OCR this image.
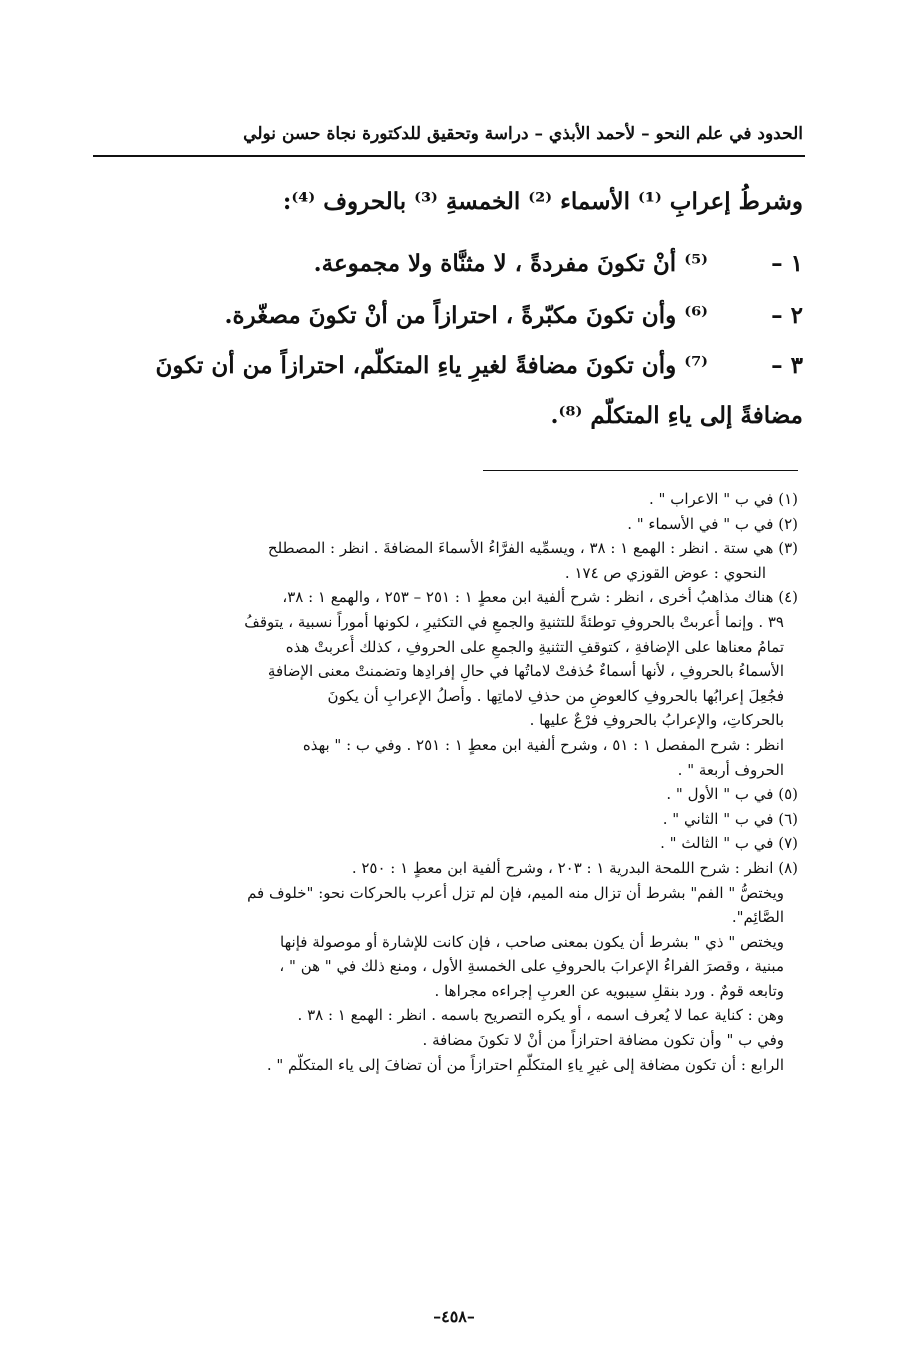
الحدود في علم النحو – لأحمد الأبذي – دراسة وتحقيق للدكتورة نجاة حسن نولي
وشرطُ إعرابِ ⁽¹⁾ الأسماء ⁽²⁾ الخمسةِ ⁽³⁾ بالحروف ⁽⁴⁾:
١ –
⁽⁵⁾ أنْ تكونَ مفردةً ، لا مثنَّاة ولا مجموعة.
٢ –
⁽⁶⁾ وأن تكونَ مكبّرةً ، احترازاً من أنْ تكونَ مصغّرة.
٣ –
⁽⁷⁾ وأن تكونَ مضافةً لغيرِ ياءِ المتكلّم، احترازاً من أن تكونَ
مضافةً إلى ياءِ المتكلّم ⁽⁸⁾.
(١) في ب " الاعراب " .
(٢) في ب " في الأسماء " .
(٣) هي ستة . انظر : الهمع ١ : ٣٨ ، ويسمِّيه الفرَّاءُ الأسماءَ المضافةَ . انظر : المصطلح
النحوي : عوض القوزي ص ١٧٤ .
(٤) هناك مذاهبُ أخرى ، انظر : شرح ألفية ابن معطٍ ١ : ٢٥١ – ٢٥٣ ، والهمع ١ : ٣٨،
٣٩ . وإنما أُعربتْ بالحروفِ توطئةً للتثنيةِ والجمعِ في التكثيرِ ، لكونها أموراً نسبية ، يتوقفُ
تمامُ معناها على الإضافةِ ، كتوقفِ التثنيةِ والجمعِ على الحروفِ ، كذلك أُعربتْ هذه
الأسماءُ بالحروفِ ، لأنها أسماءٌ حُذفتْ لاماتُها في حالِ إفرادِها وتضمنتْ معنى الإضافةِ
فجُعِلَ إعرابُها بالحروفِ كالعوضِ من حذفِ لاماتِها . وأصلُ الإعرابِ أن يكونَ
بالحركاتِ، والإعرابُ بالحروفِ فرْعٌ عليها .
انظر : شرح المفصل ١ : ٥١ ، وشرح ألفية ابن معطٍ ١ : ٢٥١ . وفي ب : " بهذه
الحروف أربعة " .
(٥) في ب " الأول " .
(٦) في ب " الثاني " .
(٧) في ب " الثالث " .
(٨) انظر : شرح اللمحة البدرية ١ : ٢٠٣ ، وشرح ألفية ابن معطٍ ١ : ٢٥٠ .
ويختصُّ " الفم" بشرط أن تزال منه الميم، فإن لم تزل أعرب بالحركات نحو: "خلوف فم
الصَّائِم".
ويختص " ذي " بشرط أن يكون بمعنى صاحب ، فإن كانت للإشارة أو موصولة فإنها
مبنية ، وقصرَ الفراءُ الإعرابَ بالحروفِ على الخمسةِ الأول ، ومنع ذلك في " هن " ،
وتابعه قومٌ . ورد بنقلِ سيبويه عن العربِ إجراءه مجراها .
وهن : كناية عما لا يُعرف اسمه ، أو يكره التصريح باسمه . انظر : الهمع ١ : ٣٨ .
وفي ب " وأن تكون مضافة احترازاً من أنْ لا تكونَ مضافة .
الرابع : أن تكون مضافة إلى غيرِ ياءِ المتكلّمِ احترازاً من أن تضافَ إلى ياء المتكلّم " .
–٤٥٨–
